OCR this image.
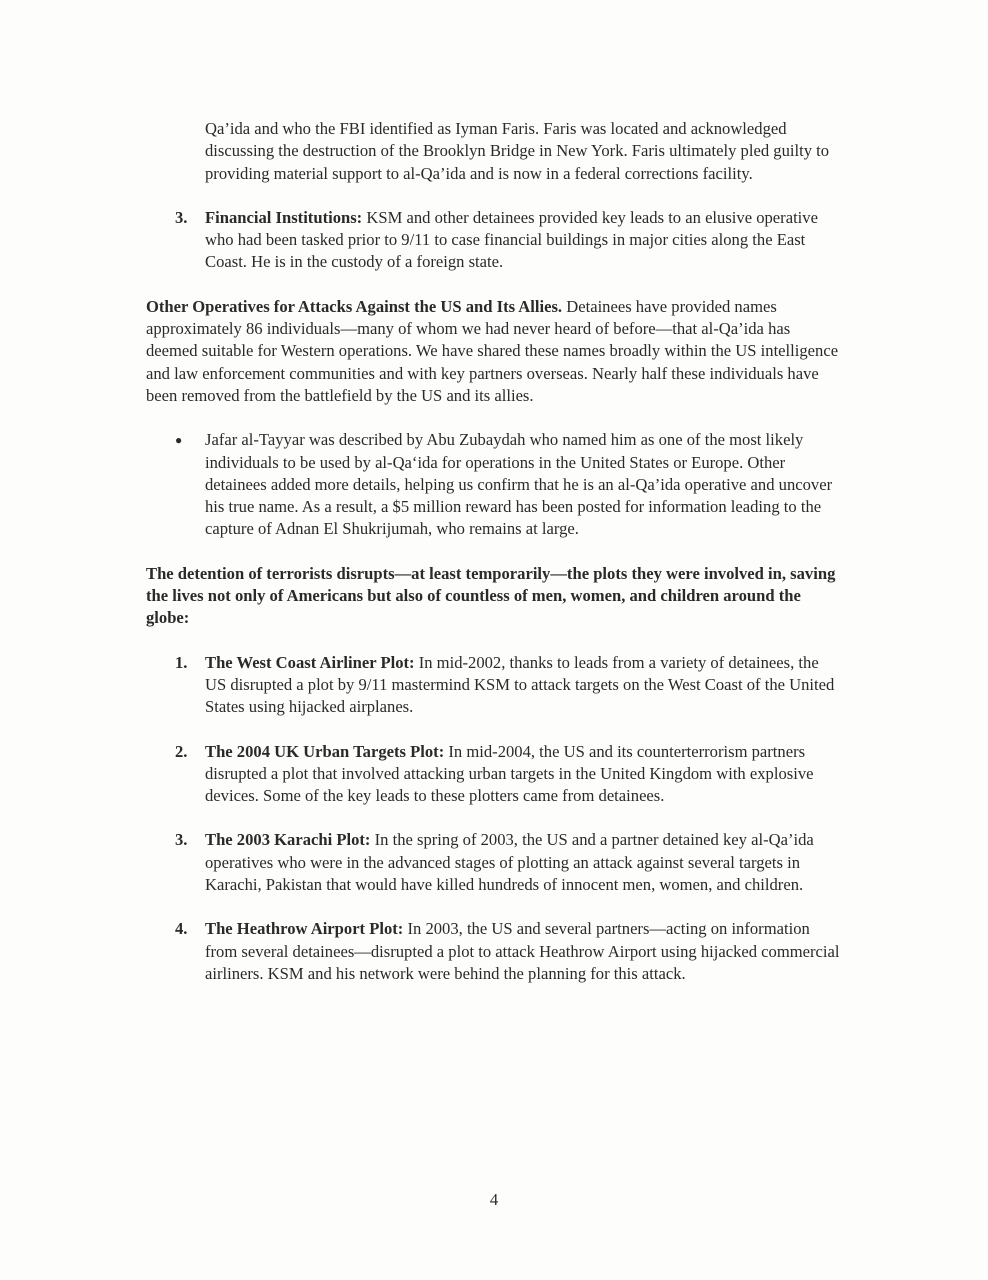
Qa’ida and who the FBI identified as Iyman Faris. Faris was located and acknowledged discussing the destruction of the Brooklyn Bridge in New York. Faris ultimately pled guilty to providing material support to al-Qa’ida and is now in a federal corrections facility.

3.	Financial Institutions: KSM and other detainees provided key leads to an elusive operative who had been tasked prior to 9/11 to case financial buildings in major cities along the East Coast. He is in the custody of a foreign state.

Other Operatives for Attacks Against the US and Its Allies. Detainees have provided names approximately 86 individuals—many of whom we had never heard of before—that al-Qa’ida has deemed suitable for Western operations. We have shared these names broadly within the US intelligence and law enforcement communities and with key partners overseas. Nearly half these individuals have been removed from the battlefield by the US and its allies.

●	Jafar al-Tayyar was described by Abu Zubaydah who named him as one of the most likely individuals to be used by al-Qa‘ida for operations in the United States or Europe. Other detainees added more details, helping us confirm that he is an al-Qa’ida operative and uncover his true name. As a result, a $5 million reward has been posted for information leading to the capture of Adnan El Shukrijumah, who remains at large.

The detention of terrorists disrupts—at least temporarily—the plots they were involved in, saving the lives not only of Americans but also of countless of men, women, and children around the globe:

1.	The West Coast Airliner Plot: In mid-2002, thanks to leads from a variety of detainees, the US disrupted a plot by 9/11 mastermind KSM to attack targets on the West Coast of the United States using hijacked airplanes.
2.	The 2004 UK Urban Targets Plot: In mid-2004, the US and its counterterrorism partners disrupted a plot that involved attacking urban targets in the United Kingdom with explosive devices. Some of the key leads to these plotters came from detainees.
3.	The 2003 Karachi Plot: In the spring of 2003, the US and a partner detained key al-Qa’ida operatives who were in the advanced stages of plotting an attack against several targets in Karachi, Pakistan that would have killed hundreds of innocent men, women, and children.
4.	The Heathrow Airport Plot: In 2003, the US and several partners—acting on information from several detainees—disrupted a plot to attack Heathrow Airport using hijacked commercial airliners. KSM and his network were behind the planning for this attack.
4
